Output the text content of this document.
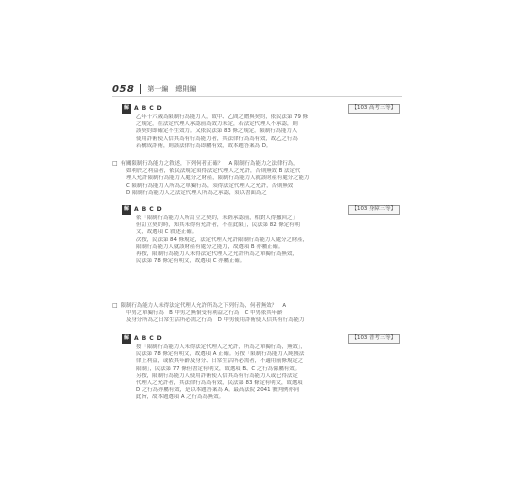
058 第一編　總則編
解 A B C D	【103 高考三等】

乙年十六歲為限制行為能力人，故甲、乙間之贈與契約，依民法第 79 條

之規定，在法定代理人承認前為效力未定，若法定代理人不承認，則

該契約即確定不生效力。又依民法第 83 條之規定，限制行為能力人

使用詐術使人信其為有行為能力者，其法律行為為有效，故乙之行為

若構成詐術，則該法律行為即屬有效，故本題答案為 D。

□ 有關限制行為能力之敘述，下列何者正確？　A 限制行為能力之法律行為，

如利於之利益者，依民法規定須得法定代理人之允許，否則無效 B 法定代

理人允許限制行為能力人處分之財產，限制行為能力人就該財產有處分之能力

C 限制行為能力人所為之單獨行為，須得法定代理人之允許，否則無效

D 限制行為能力人之法定代理人所為之承認，須以書面為之

解 A B C D	【103 身障三等】

依「限制行為能力人所訂立之契約，未經承認前，相對人得撤回之」

但訂立契約時，知其未得有允許者，不在此限」，民法第 82 條定有明

文，故選項 C 敘述正確。

次按，民法第 84 條規定，法定代理人允許限制行為能力人處分之財產，

限制行為能力人就該財產有處分之能力，故選項 B 亦屬正確。

再按，限制行為能力人未得法定代理人之允許所為之單獨行為無效，

民法第 78 條定有明文，故選項 C 亦屬正確。

□ 限制行為能力人未得法定代理人允許所為之下列行為，何者無效？　A

甲男之單獨行為　B 甲男之無償受有利益之行為　C 甲男依其年齡

及身分所為之日常生活所必需之行為　D 甲男使用詐術使人信其有行為能力

解 A B C D	【103 普考三等】

按「限制行為能力人未得法定代理人之允許，所為之單獨行為，無效」，

民法第 78 條定有明文，故選項 A 正確。另按「限制行為能力人純獲法

律上利益，或依其年齡及身分、日常生活所必需者，不適用前條規定之

限制」，民法第 77 條但書定有明文，故選項 B、C 之行為係屬有效。

另按，限制行為能力人使用詐術使人信其為有行為能力人或已得法定

代理人之允許者，其法律行為為有效，民法第 83 條定有明文，故選項

D 之行為亦屬有效，是以本題答案為 A。最高法院 2041 號判例亦同

此旨，故本題選項 A 之行為為無效。
